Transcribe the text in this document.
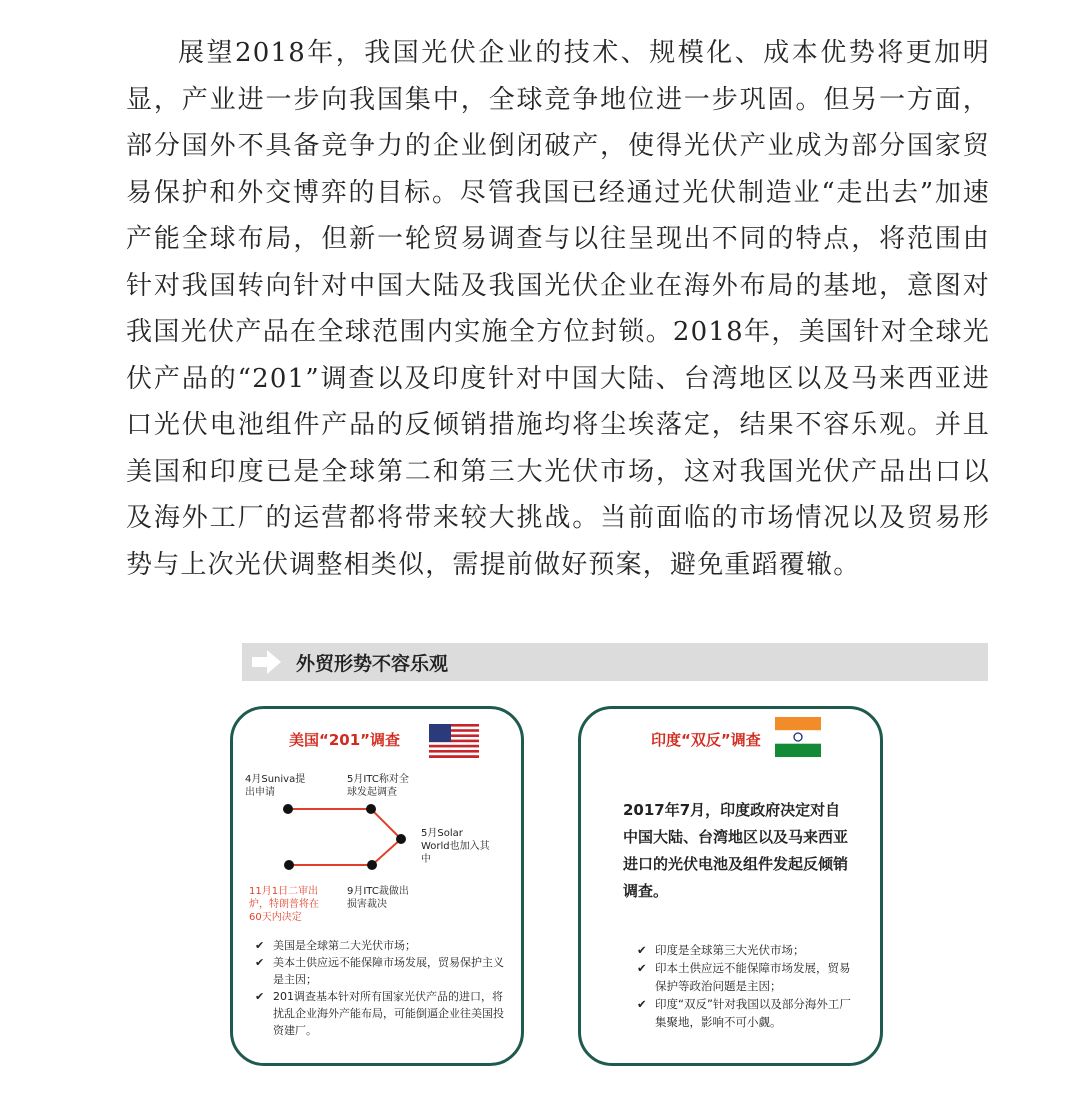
展望2018年，我国光伏企业的技术、规模化、成本优势将更加明显，产业进一步向我国集中，全球竞争地位进一步巩固。但另一方面，部分国外不具备竞争力的企业倒闭破产，使得光伏产业成为部分国家贸易保护和外交博弈的目标。尽管我国已经通过光伏制造业“走出去”加速产能全球布局，但新一轮贸易调查与以往呈现出不同的特点，将范围由针对我国转向针对中国大陆及我国光伏企业在海外布局的基地，意图对我国光伏产品在全球范围内实施全方位封锁。2018年，美国针对全球光伏产品的“201”调查以及印度针对中国大陆、台湾地区以及马来西亚进口光伏电池组件产品的反倾销措施均将尘埃落定，结果不容乐观。并且美国和印度已是全球第二和第三大光伏市场，这对我国光伏产品出口以及海外工厂的运营都将带来较大挑战。当前面临的市场情况以及贸易形势与上次光伏调整相类似，需提前做好预案，避免重蹈覆辙。
外贸形势不容乐观
美国“201”调查
4月Suniva提出申请
5月ITC称对全球发起调查
5月Solar World也加入其中
9月ITC裁做出损害裁决
11月1日二审出炉，特朗普将在60天内决定
✔ 美国是全球第二大光伏市场；
✔ 美本土供应远不能保障市场发展，贸易保护主义是主因；
✔ 201调查基本针对所有国家光伏产品的进口，将扰乱企业海外产能布局，可能倒逼企业往美国投资建厂。
印度“双反”调查
2017年7月，印度政府决定对自中国大陆、台湾地区以及马来西亚进口的光伏电池及组件发起反倾销调查。
✔ 印度是全球第三大光伏市场；
✔ 印本土供应远不能保障市场发展，贸易保护等政治问题是主因；
✔ 印度“双反”针对我国以及部分海外工厂集聚地，影响不可小觑。
